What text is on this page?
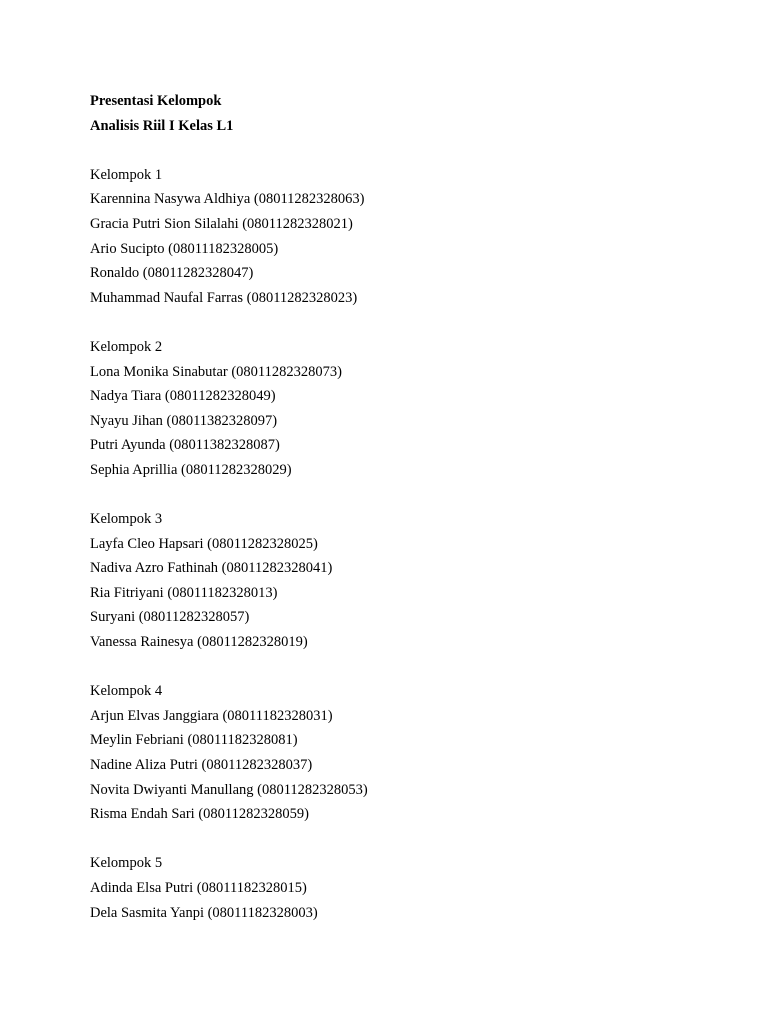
Presentasi Kelompok
Analisis Riil I Kelas L1
Kelompok 1
Karennina Nasywa Aldhiya (08011282328063)
Gracia Putri Sion Silalahi (08011282328021)
Ario Sucipto (08011182328005)
Ronaldo (08011282328047)
Muhammad Naufal Farras (08011282328023)
Kelompok 2
Lona Monika Sinabutar (08011282328073)
Nadya Tiara (08011282328049)
Nyayu Jihan (08011382328097)
Putri Ayunda (08011382328087)
Sephia Aprillia (08011282328029)
Kelompok 3
Layfa Cleo Hapsari (08011282328025)
Nadiva Azro Fathinah (08011282328041)
Ria Fitriyani (08011182328013)
Suryani (08011282328057)
Vanessa Rainesya (08011282328019)
Kelompok 4
Arjun Elvas Janggiara (08011182328031)
Meylin Febriani (08011182328081)
Nadine Aliza Putri (08011282328037)
Novita Dwiyanti Manullang (08011282328053)
Risma Endah Sari (08011282328059)
Kelompok 5
Adinda Elsa Putri (08011182328015)
Dela Sasmita Yanpi (08011182328003)
